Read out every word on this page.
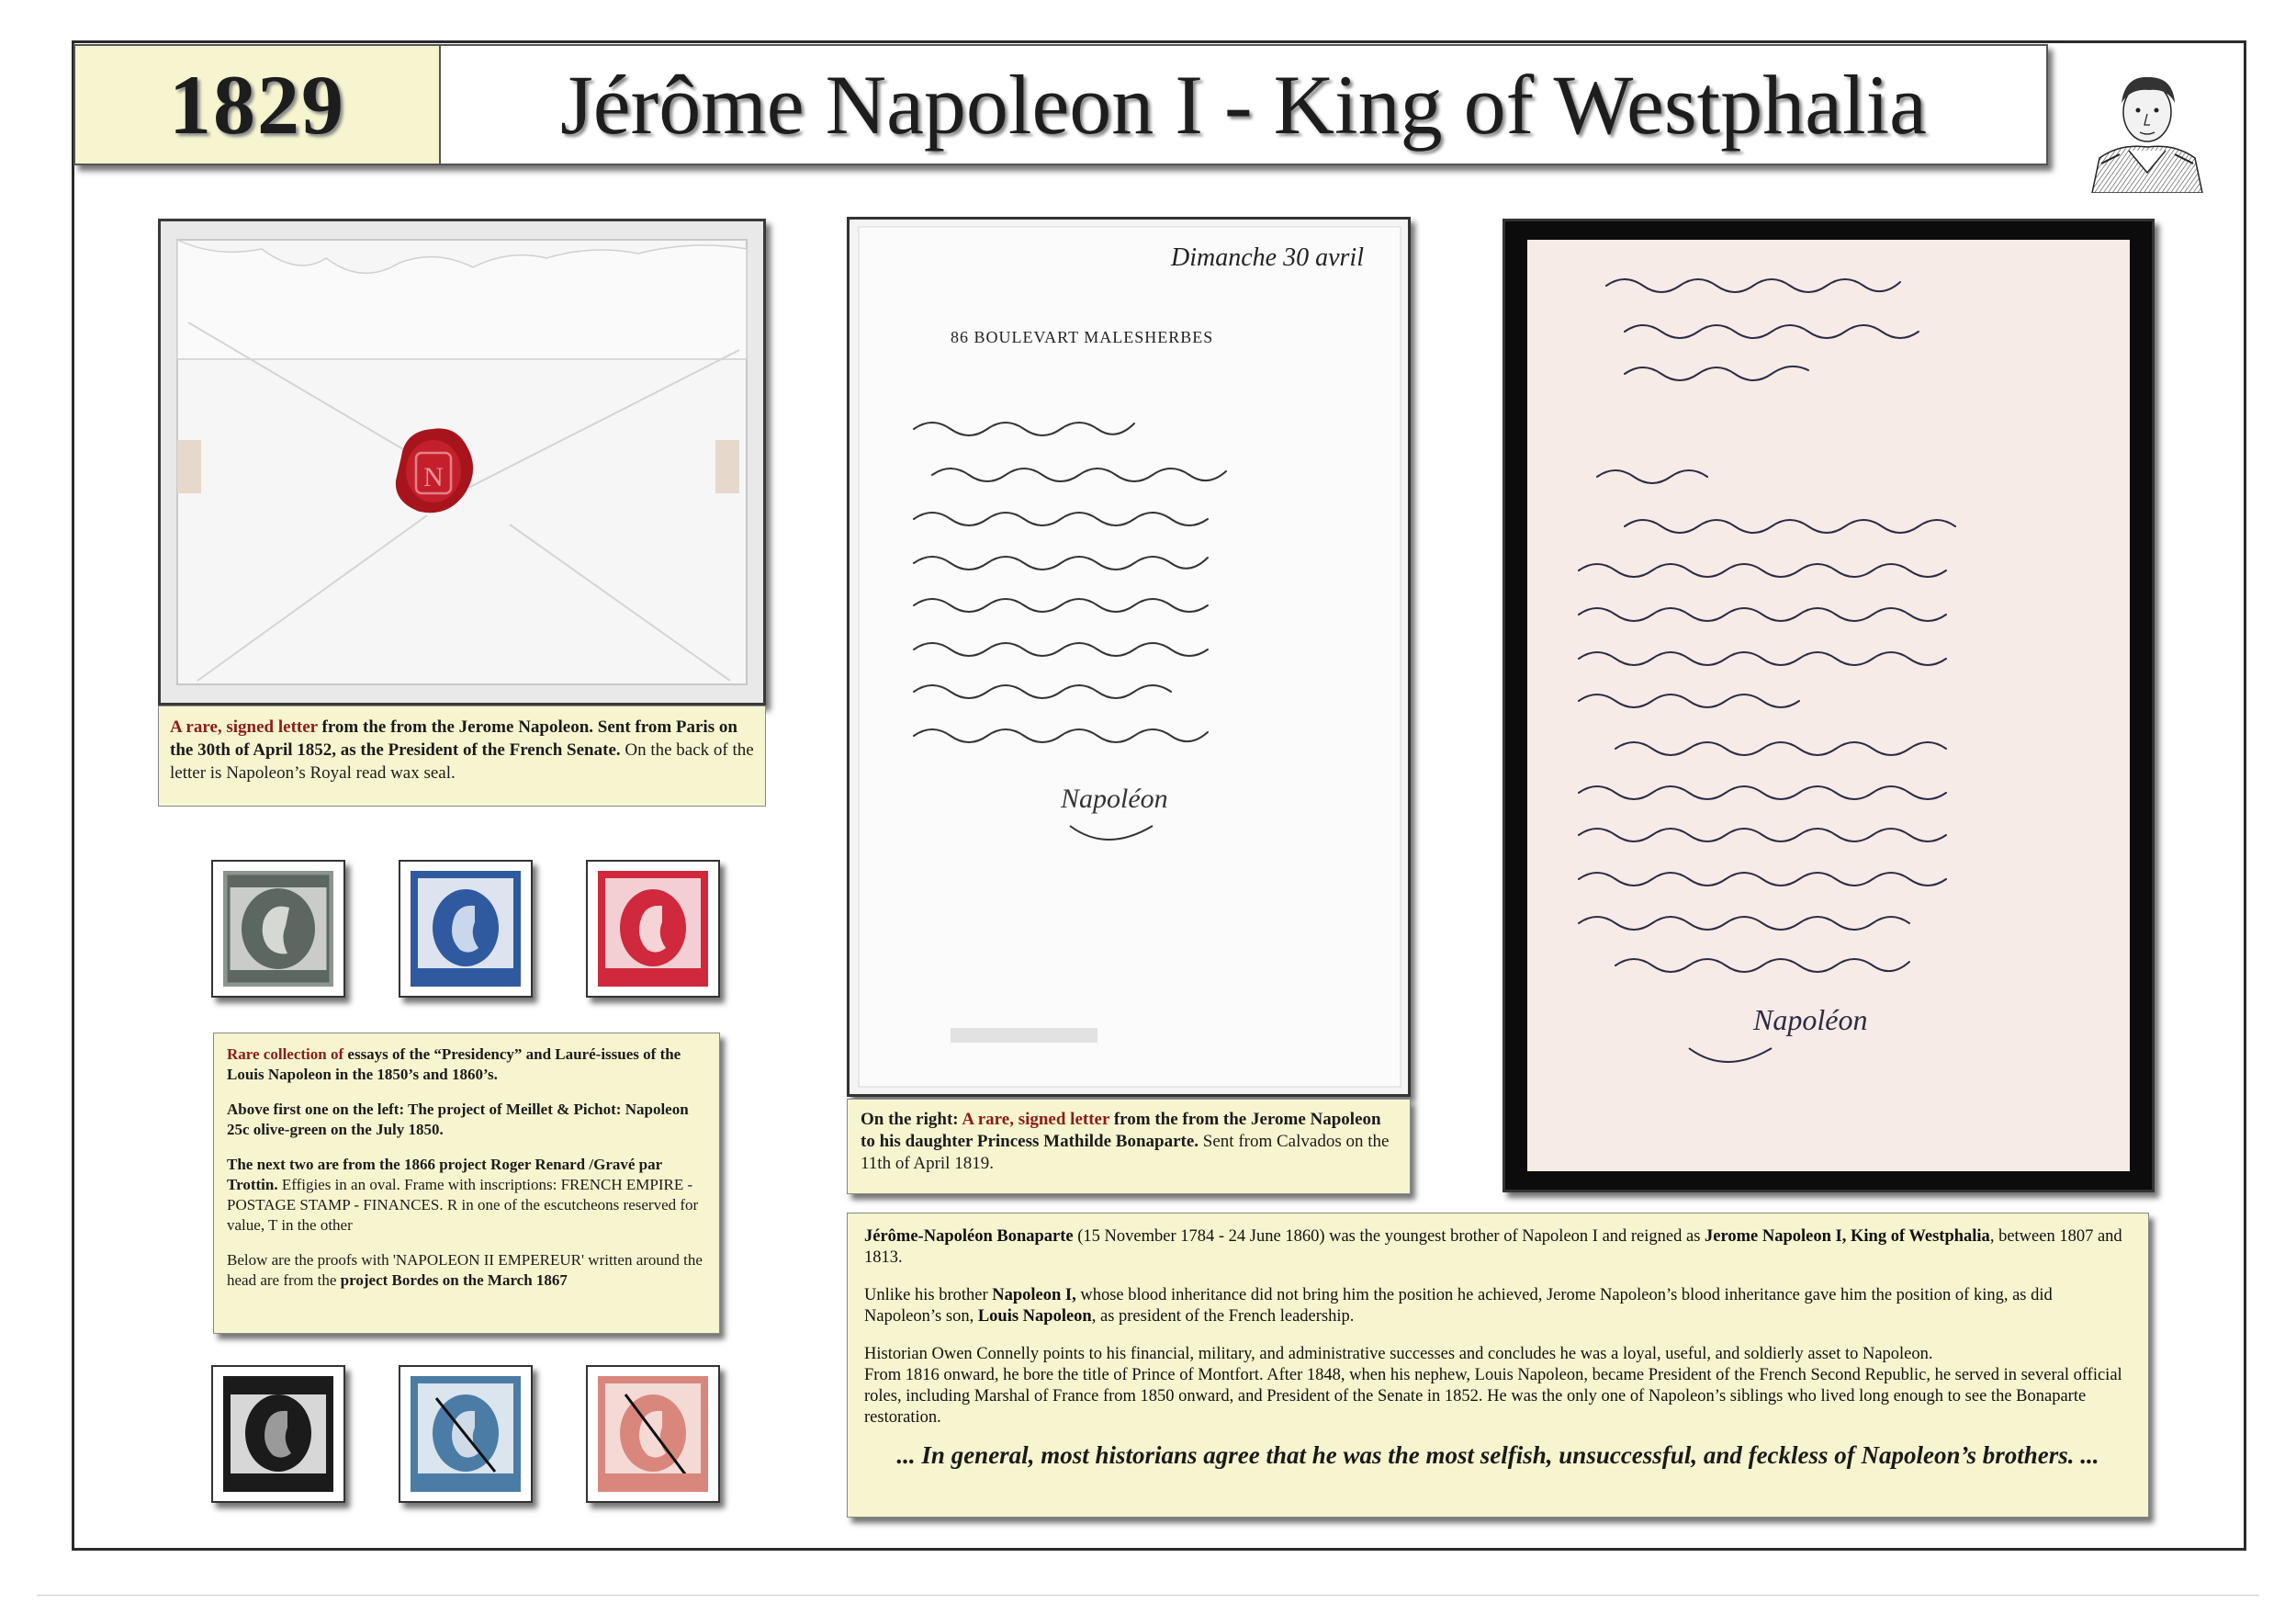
1829	Jérôme Napoleon I - King of Westphalia
N
A rare, signed letter from the from the Jerome Napoleon. Sent from Paris on the 30th of April 1852, as the President of the French Senate. On the back of the letter is Napoleon’s Royal read wax seal.

Rare collection of essays of the “Presidency” and Lauré-issues of the Louis Napoleon in the 1850’s and 1860’s.

Above first one on the left: The project of Meillet & Pichot: Napoleon 25c olive-green on the July 1850.

The next two are from the 1866 project Roger Renard /Gravé par Trottin. Effigies in an oval. Frame with inscriptions: FRENCH EMPIRE - POSTAGE STAMP - FINANCES. R in one of the escutcheons reserved for value, T in the other

Below are the proofs with 'NAPOLEON II EMPEREUR' written around the head are from the project Bordes on the March 1867

Dimanche 30 avril
86 BOULEVART MALESHERBES
Napoléon
On the right: A rare, signed letter from the from the Jerome Napoleon to his daughter Princess Mathilde Bonaparte. Sent from Calvados on the 11th of April 1819.
Napoléon

Jérôme-Napoléon Bonaparte (15 November 1784 - 24 June 1860) was the youngest brother of Napoleon I and reigned as Jerome Napoleon I, King of Westphalia, between 1807 and 1813.

Unlike his brother Napoleon I, whose blood inheritance did not bring him the position he achieved, Jerome Napoleon’s blood inheritance gave him the position of king, as did Napoleon’s son, Louis Napoleon, as president of the French leadership.

Historian Owen Connelly points to his financial, military, and administrative successes and concludes he was a loyal, useful, and soldierly asset to Napoleon.

From 1816 onward, he bore the title of Prince of Montfort. After 1848, when his nephew, Louis Napoleon, became President of the French Second Republic, he served in several official roles, including Marshal of France from 1850 onward, and President of the Senate in 1852. He was the only one of Napoleon’s siblings who lived long enough to see the Bonaparte restoration.

... In general, most historians agree that he was the most selfish, unsuccessful, and feckless of Napoleon’s brothers. ...
